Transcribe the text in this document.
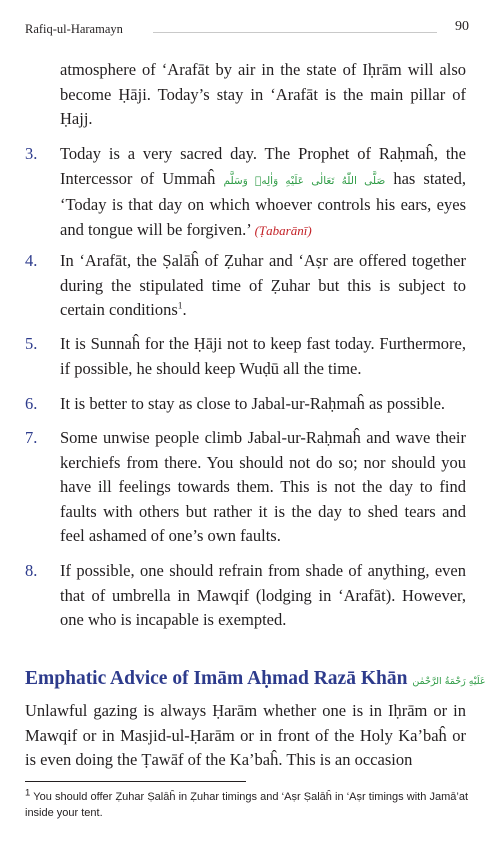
Rafiq-ul-Haramayn	90
atmosphere of ‘Arafāt by air in the state of Iḥrām will also become Ḥāji. Today’s stay in ‘Arafāt is the main pillar of Ḥajj.
3. Today is a very sacred day. The Prophet of Raḥmaĥ, the Intercessor of Ummaĥ صَلَّى اللّٰهُ تَعَالٰى عَلَيْهِ وَاٰلِهٖ وَسَلَّم has stated, ‘Today is that day on which whoever controls his ears, eyes and tongue will be forgiven.’ (Ṭabarānī)
4. In ‘Arafāt, the Ṣalāĥ of Ẓuhar and ‘Aṣr are offered together during the stipulated time of Ẓuhar but this is subject to certain conditions$^1$.
5. It is Sunnaĥ for the Ḥāji not to keep fast today. Furthermore, if possible, he should keep Wuḍū all the time.
6. It is better to stay as close to Jabal-ur-Raḥmaĥ as possible.
7. Some unwise people climb Jabal-ur-Raḥmaĥ and wave their kerchiefs from there. You should not do so; nor should you have ill feelings towards them. This is not the day to find faults with others but rather it is the day to shed tears and feel ashamed of one’s own faults.
8. If possible, one should refrain from shade of anything, even that of umbrella in Mawqif (lodging in ‘Arafāt). However, one who is incapable is exempted.
Emphatic Advice of Imām Aḥmad Razā Khān عَلَيْهِ رَحْمَةُ الرَّحْمٰن
Unlawful gazing is always Ḥarām whether one is in Iḥrām or in Mawqif or in Masjid-ul-Ḥarām or in front of the Holy Ka’baĥ or is even doing the Ṭawāf of the Ka’baĥ. This is an occasion
$^1$ You should offer Ẓuhar Ṣalāĥ in Ẓuhar timings and ‘Aṣr Ṣalāĥ in ‘Aṣr timings with Jamā’at inside your tent.
